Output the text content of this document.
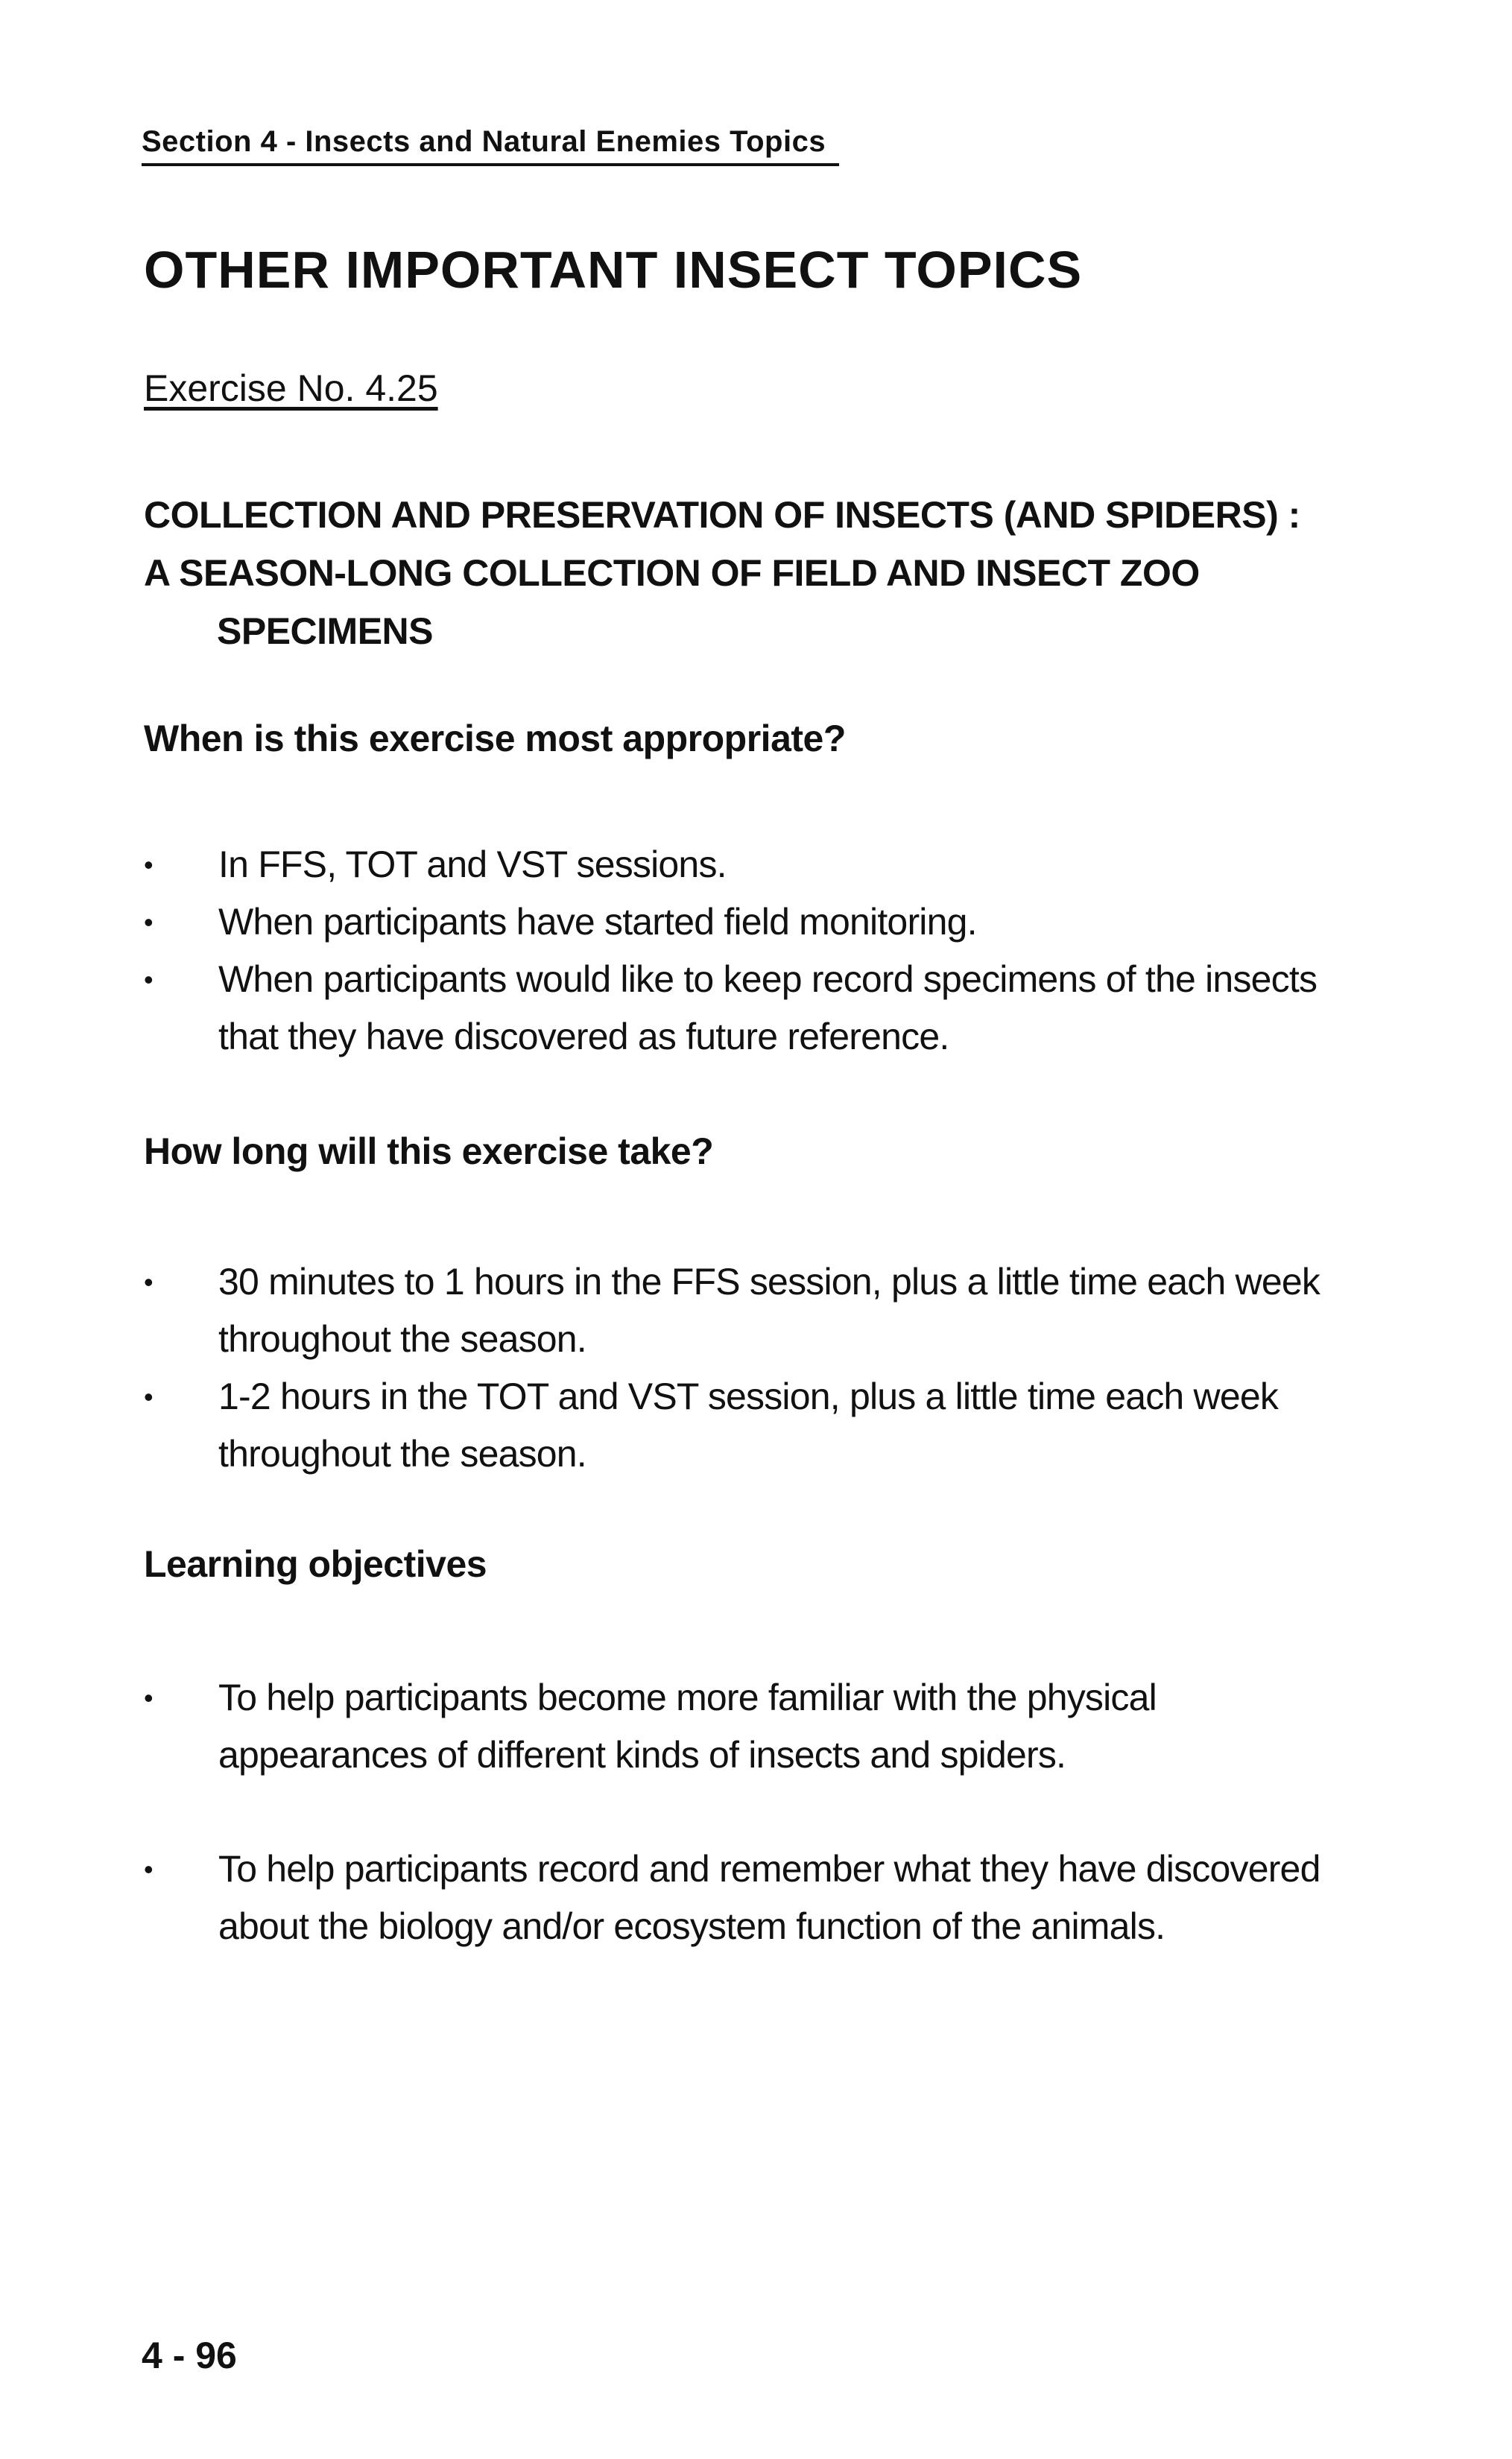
Section 4 - Insects and Natural Enemies Topics
OTHER IMPORTANT INSECT TOPICS
Exercise No. 4.25
COLLECTION AND PRESERVATION OF INSECTS (AND SPIDERS) :
A SEASON-LONG COLLECTION OF FIELD AND INSECT ZOO
SPECIMENS
When is this exercise most appropriate?
•	In FFS, TOT and VST sessions.
•	When participants have started field monitoring.
•	When participants would like to keep record specimens of the insects that they have discovered as future reference.
How long will this exercise take?
•	30 minutes to 1 hours in the FFS session, plus a little time each week throughout the season.
•	1-2 hours in the TOT and VST session, plus a little time each week throughout the season.
Learning objectives
•	To help participants become more familiar with the physical appearances of different kinds of insects and spiders.
•	To help participants record and remember what they have discovered about the biology and/or ecosystem function of the animals.
4 - 96
